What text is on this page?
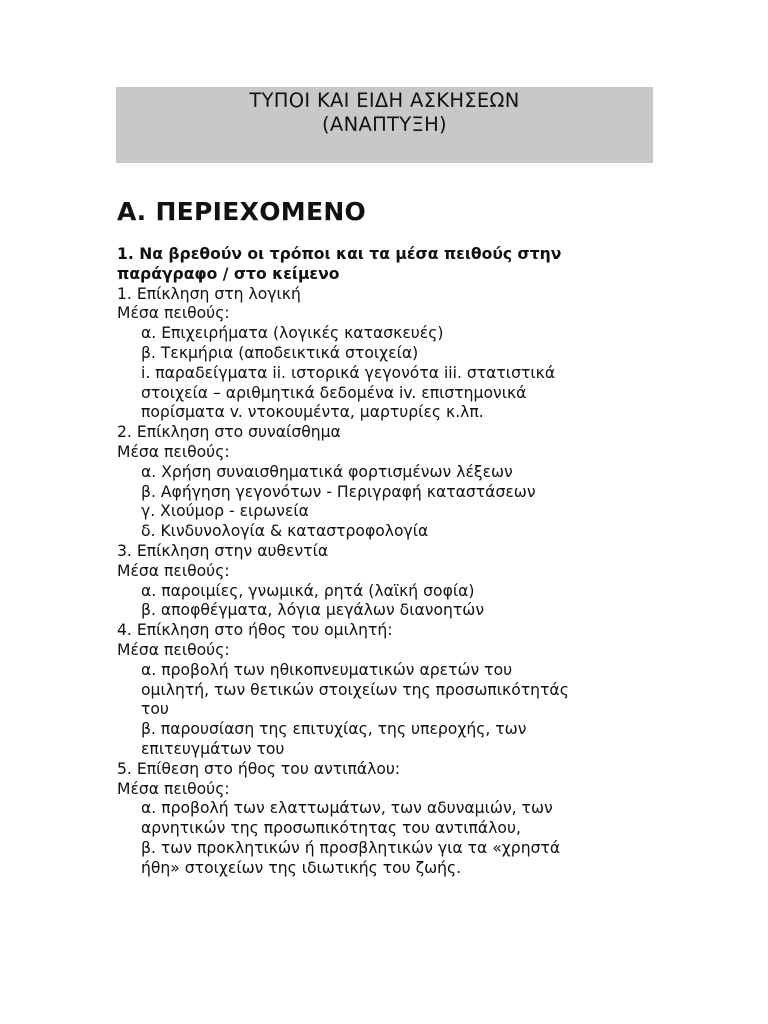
ΤΥΠΟΙ ΚΑΙ ΕΙΔΗ ΑΣΚΗΣΕΩΝ
(ΑΝΑΠΤΥΞΗ)
Α. ΠΕΡΙΕΧΟΜΕΝΟ
1. Να βρεθούν οι τρόποι και τα μέσα πειθούς στην
παράγραφο / στο κείμενο
1. Επίκληση στη λογική
Μέσα πειθούς:
α. Επιχειρήματα (λογικές κατασκευές)
β. Τεκμήρια (αποδεικτικά στοιχεία)
i. παραδείγματα ii. ιστορικά γεγονότα iii. στατιστικά
στοιχεία – αριθμητικά δεδομένα iv. επιστημονικά
πορίσματα v. ντοκουμέντα, μαρτυρίες κ.λπ.
2. Επίκληση στο συναίσθημα
Μέσα πειθούς:
α. Χρήση συναισθηματικά φορτισμένων λέξεων
β. Αφήγηση γεγονότων - Περιγραφή καταστάσεων
γ. Χιούμορ - ειρωνεία
δ. Κινδυνολογία & καταστροφολογία
3. Επίκληση στην αυθεντία
Μέσα πειθούς:
α. παροιμίες, γνωμικά, ρητά (λαϊκή σοφία)
β. αποφθέγματα, λόγια μεγάλων διανοητών
4. Επίκληση στο ήθος του ομιλητή:
Μέσα πειθούς:
α. προβολή των ηθικοπνευματικών αρετών του
ομιλητή, των θετικών στοιχείων της προσωπικότητάς
του
β. παρουσίαση της επιτυχίας, της υπεροχής, των
επιτευγμάτων του
5. Επίθεση στο ήθος του αντιπάλου:
Μέσα πειθούς:
α. προβολή των ελαττωμάτων, των αδυναμιών, των
αρνητικών της προσωπικότητας του αντιπάλου,
β. των προκλητικών ή προσβλητικών για τα «χρηστά
ήθη» στοιχείων της ιδιωτικής του ζωής.
